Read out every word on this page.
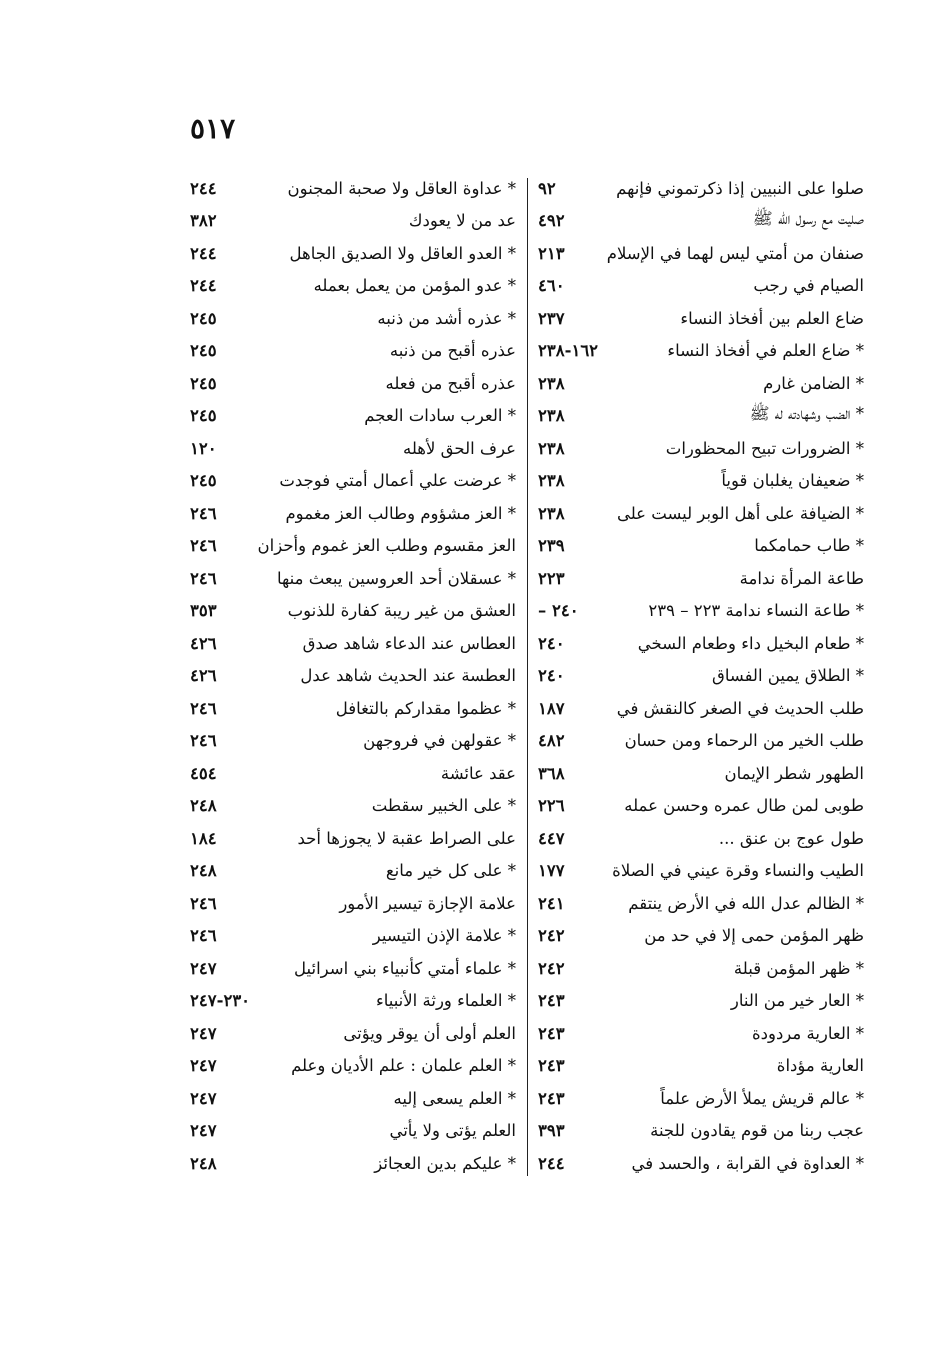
٥١٧
صلوا على النبيين إذا ذكرتموني فإنهم
٩٢
صليت مع رسول الله ﷺ
٤٩٢
صنفان من أمتي ليس لهما في الإسلام
٢١٣
الصيام في رجب
٤٦٠
ضاع العلم بين أفخاذ النساء
٢٣٧
* ضاع العلم في أفخاذ النساء
١٦٢-٢٣٨
* الضامن غارم
٢٣٨
* الضب وشهادته له ﷺ
٢٣٨
* الضرورات تبيح المحظورات
٢٣٨
* ضعيفان يغلبان قوياً
٢٣٨
* الضيافة على أهل الوبر ليست على
٢٣٨
* طاب حمامكما
٢٣٩
طاعة المرأة ندامة
٢٢٣
* طاعة النساء ندامة ٢٢٣ – ٢٣٩
– ٢٤٠
* طعام البخيل داء وطعام السخي
٢٤٠
* الطلاق يمين الفساق
٢٤٠
طلب الحديث في الصغر كالنقش في
١٨٧
طلب الخير من الرحماء ومن حسان
٤٨٢
الطهور شطر الإيمان
٣٦٨
طوبى لمن طال عمره وحسن عمله
٢٢٦
طول عوج بن عنق ...
٤٤٧
الطيب والنساء وقرة عيني في الصلاة
١٧٧
* الظالم عدل الله في الأرض ينتقم
٢٤١
ظهر المؤمن حمى إلا في حد من
٢٤٢
* ظهر المؤمن قبلة
٢٤٢
* العار خير من النار
٢٤٣
* العارية مردودة
٢٤٣
العارية مؤداة
٢٤٣
* عالم قريش يملأ الأرض علماً
٢٤٣
عجب ربنا من قوم يقادون للجنة
٣٩٣
* العداوة في القرابة ، والحسد في
٢٤٤
* عداوة العاقل ولا صحبة المجنون
٢٤٤
عد من لا يعودك
٣٨٢
* العدو العاقل ولا الصديق الجاهل
٢٤٤
* عدو المؤمن من يعمل بعمله
٢٤٤
* عذره أشد من ذنبه
٢٤٥
عذره أقبح من ذنبه
٢٤٥
عذره أقبح من فعله
٢٤٥
* العرب سادات العجم
٢٤٥
عرف الحق لأهله
١٢٠
* عرضت علي أعمال أمتي فوجدت
٢٤٥
* العز مشؤوم وطالب العز مغموم
٢٤٦
العز مقسوم وطلب العز غموم وأحزان
٢٤٦
* عسقلان أحد العروسين يبعث منها
٢٤٦
العشق من غير ريبة كفارة للذنوب
٣٥٣
العطاس عند الدعاء شاهد صدق
٤٢٦
العطسة عند الحديث شاهد عدل
٤٢٦
* عظموا مقداركم بالتغافل
٢٤٦
* عقولهن في فروجهن
٢٤٦
عقد عائشة
٤٥٤
* على الخبير سقطت
٢٤٨
على الصراط عقبة لا يجوزها أحد
١٨٤
* على كل خير مانع
٢٤٨
علامة الإجازة تيسير الأمور
٢٤٦
* علامة الإذن التيسير
٢٤٦
* علماء أمتي كأنبياء بني اسرائيل
٢٤٧
* العلماء ورثة الأنبياء
٢٣٠-٢٤٧
العلم أولى أن يوقر ويؤتى
٢٤٧
* العلم علمان : علم الأديان وعلم
٢٤٧
* العلم يسعى إليه
٢٤٧
العلم يؤتى ولا يأتي
٢٤٧
* عليكم بدين العجائز
٢٤٨
